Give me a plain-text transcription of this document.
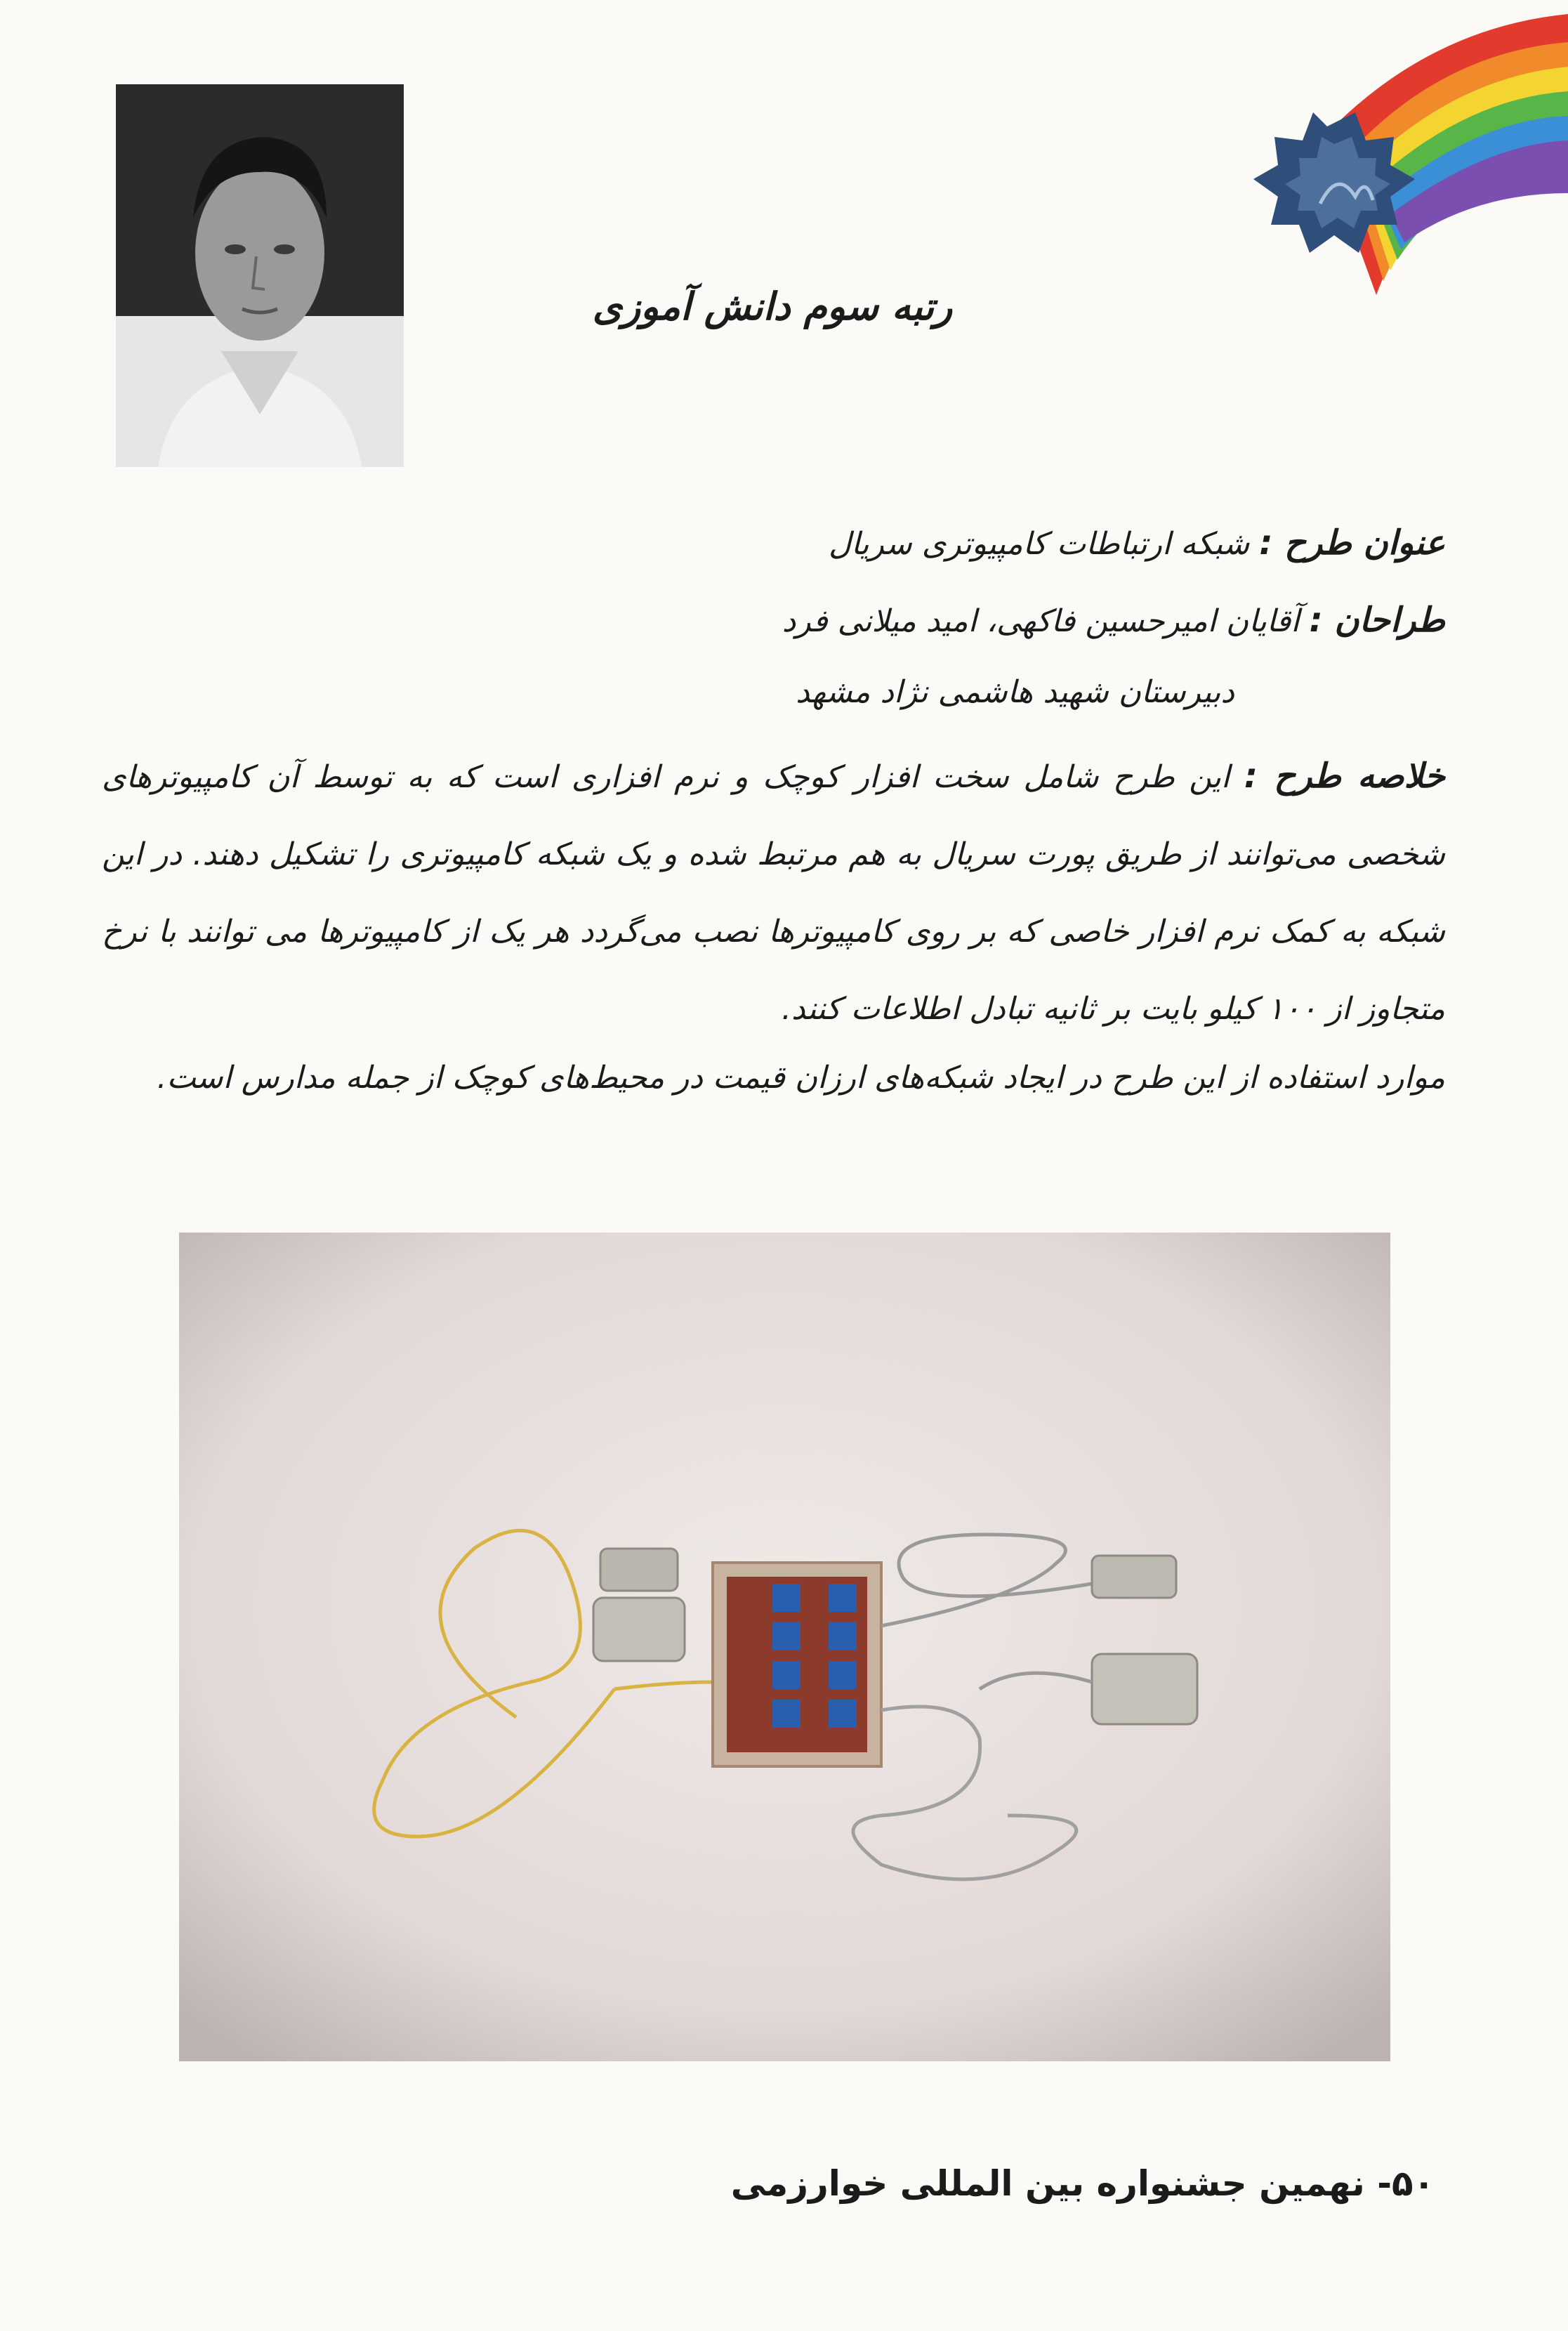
رتبه سوم دانش آموزی
عنوان طرح : شبکه ارتباطات کامپیوتری سریال
طراحان : آقایان امیرحسین فاکهی، امید میلانی فرد
دبیرستان شهید هاشمی نژاد مشهد
خلاصه طرح : این طرح شامل سخت افزار کوچک و نرم افزاری است که به توسط آن کامپیوترهای شخصی می‌توانند از طریق پورت سریال به هم مرتبط شده و یک شبکه کامپیوتری را تشکیل دهند. در این شبکه به کمک نرم افزار خاصی که بر روی کامپیوترها نصب می‌گردد هر یک از کامپیوترها می توانند با نرخ متجاوز از ۱۰۰ کیلو بایت بر ثانیه تبادل اطلاعات کنند.
موارد استفاده از این طرح در ایجاد شبکه‌های ارزان قیمت در محیط‌های کوچک از جمله مدارس است.
۵۰- نهمین جشنواره بین المللی خوارزمی
